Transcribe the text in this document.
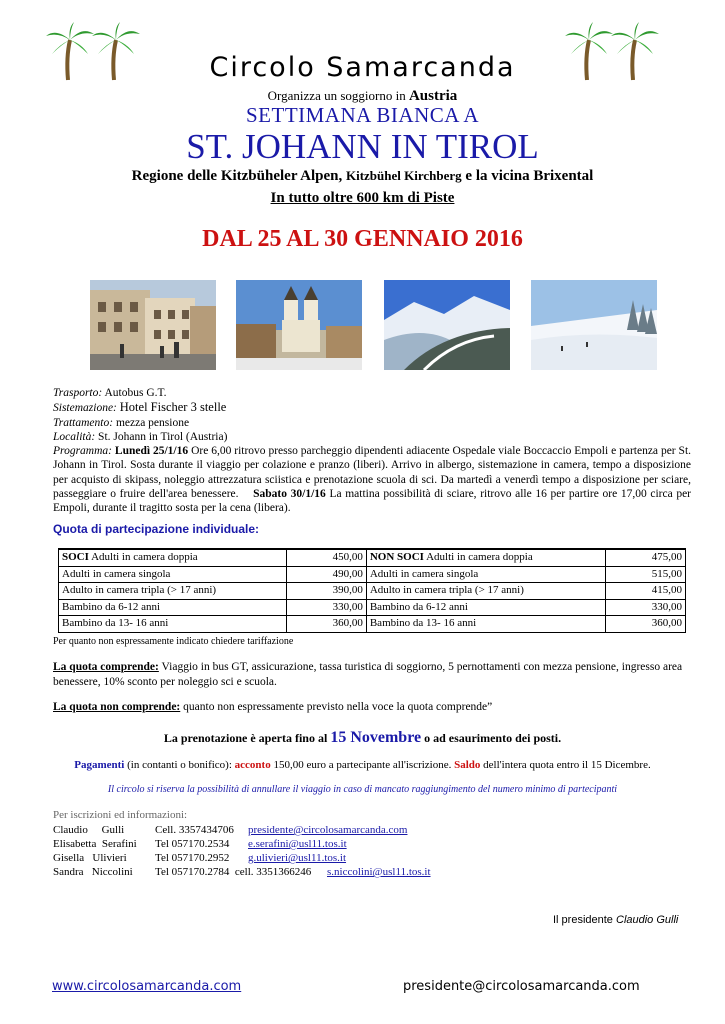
Circolo Samarcanda
Organizza un soggiorno in Austria
SETTIMANA BIANCA A
ST. JOHANN IN TIROL
Regione delle Kitzbüheler Alpen, Kitzbühel Kirchberg e la vicina Brixental
In tutto oltre 600 km di Piste
DAL 25 AL 30 GENNAIO 2016

Trasporto: Autobus G.T.

Sistemazione: Hotel Fischer 3 stelle

Trattamento: mezza pensione

Località: St. Johann in Tirol (Austria)

Programma: Lunedì 25/1/16 Ore 6,00 ritrovo presso parcheggio dipendenti adiacente Ospedale viale Boccaccio Empoli e partenza per St. Johann in Tirol. Sosta durante il viaggio per colazione e pranzo (liberi). Arrivo in albergo, sistemazione in camera, tempo a disposizione per acquisto di skipass, noleggio attrezzatura sciistica e prenotazione scuola di sci. Da martedì a venerdì tempo a disposizione per sciare, passeggiare o fruire dell'area benessere. Sabato 30/1/16 La mattina possibilità di sciare, ritrovo alle 16 per partire ore 17,00 circa per Empoli, durante il tragitto sosta per la cena (libera).

Quota di partecipazione individuale:
SOCI Adulti in camera doppia	450,00	NON SOCI Adulti in camera doppia	475,00
Adulti in camera singola	490,00	Adulti in camera singola	515,00
Adulto in camera tripla (> 17 anni)	390,00	Adulto in camera tripla (> 17 anni)	415,00
Bambino da 6-12 anni	330,00	Bambino da 6-12 anni	330,00
Bambino da 13- 16 anni	360,00	Bambino da 13- 16 anni	360,00
Per quanto non espressamente indicato chiedere tariffazione
La quota comprende: Viaggio in bus GT, assicurazione, tassa turistica di soggiorno, 5 pernottamenti con mezza pensione, ingresso area benessere, 10% sconto per noleggio sci e scuola.
La quota non comprende: quanto non espressamente previsto nella voce la quota comprende”
La prenotazione è aperta fino al 15 Novembre o ad esaurimento dei posti.
Pagamenti (in contanti o bonifico): acconto 150,00 euro a partecipante all'iscrizione. Saldo dell'intera quota entro il 15 Dicembre.
Il circolo si riserva la possibilità di annullare il viaggio in caso di mancato raggiungimento del numero minimo di partecipanti
Per iscrizioni ed informazioni:
Claudio     Gulli	Cell. 3357434706 presidente@circolosamarcanda.com
Elisabetta  Serafini Tel 057170.2534 e.serafini@usl11.tos.it
Gisella   Ulivieri	Tel 057170.2952 g.ulivieri@usl11.tos.it
Sandra   Niccolini Tel 057170.2784  cell. 3351366246 s.niccolini@usl11.tos.it
Il presidente Claudio Gulli
www.circolosamarcanda.com	presidente@circolosamarcanda.com
